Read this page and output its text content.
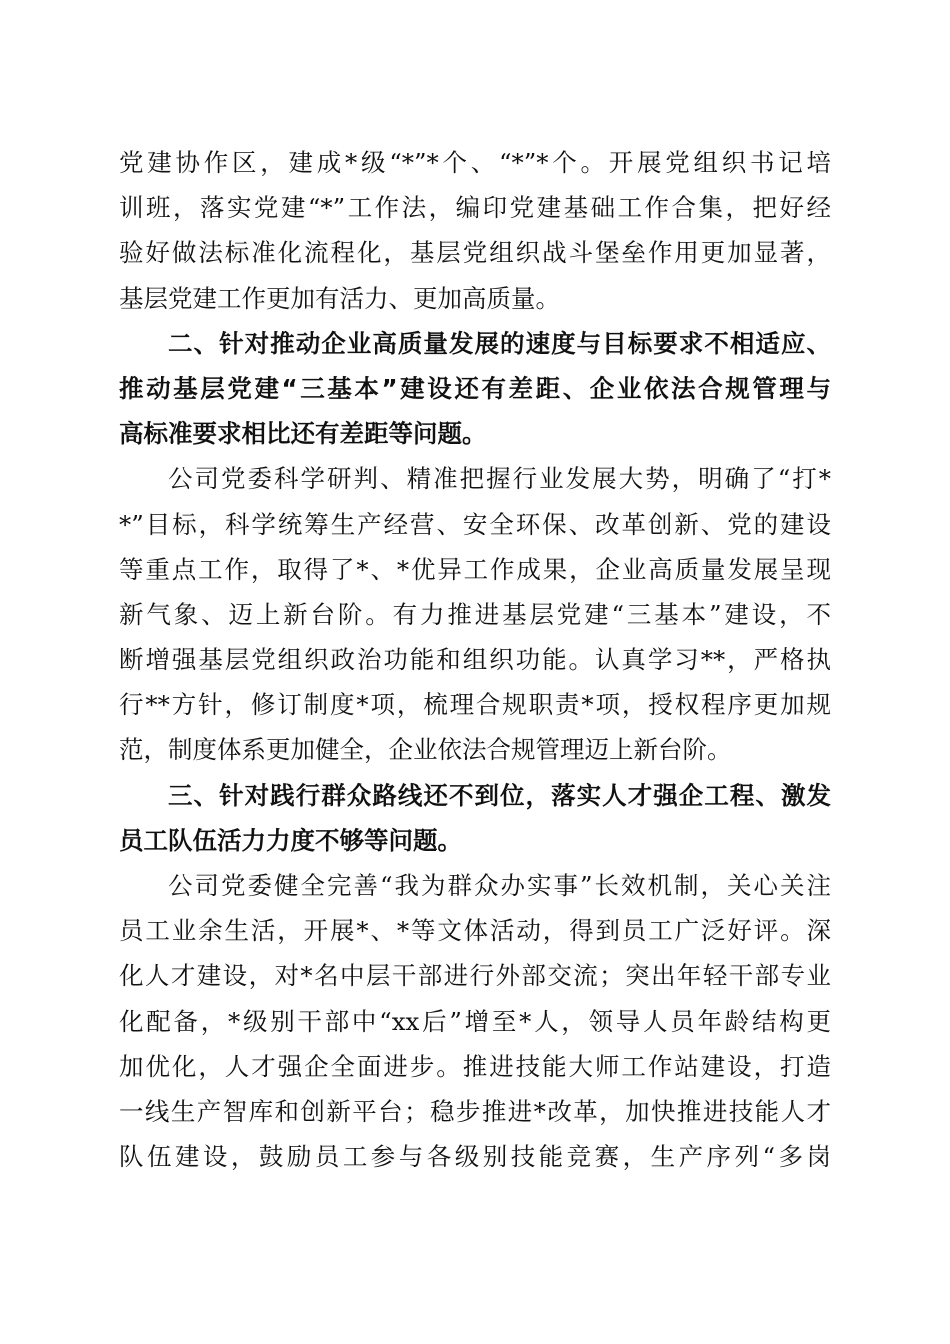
党建协作区，建成*级“*”*个、“*”*个。开展党组织书记培
训班，落实党建“*”工作法，编印党建基础工作合集，把好经
验好做法标准化流程化，基层党组织战斗堡垒作用更加显著，
基层党建工作更加有活力、更加高质量。
二、针对推动企业高质量发展的速度与目标要求不相适应、
推动基层党建“三基本”建设还有差距、企业依法合规管理与
高标准要求相比还有差距等问题。
公司党委科学研判、精准把握行业发展大势，明确了“打*
*”目标，科学统筹生产经营、安全环保、改革创新、党的建设
等重点工作，取得了*、*优异工作成果，企业高质量发展呈现
新气象、迈上新台阶。有力推进基层党建“三基本”建设，不
断增强基层党组织政治功能和组织功能。认真学习**，严格执
行**方针，修订制度*项，梳理合规职责*项，授权程序更加规
范，制度体系更加健全，企业依法合规管理迈上新台阶。
三、针对践行群众路线还不到位，落实人才强企工程、激发
员工队伍活力力度不够等问题。
公司党委健全完善“我为群众办实事”长效机制，关心关注
员工业余生活，开展*、*等文体活动，得到员工广泛好评。深
化人才建设，对*名中层干部进行外部交流；突出年轻干部专业
化配备，*级别干部中“xx后”增至*人，领导人员年龄结构更
加优化，人才强企全面进步。推进技能大师工作站建设，打造
一线生产智库和创新平台；稳步推进*改革，加快推进技能人才
队伍建设，鼓励员工参与各级别技能竞赛，生产序列“多岗
